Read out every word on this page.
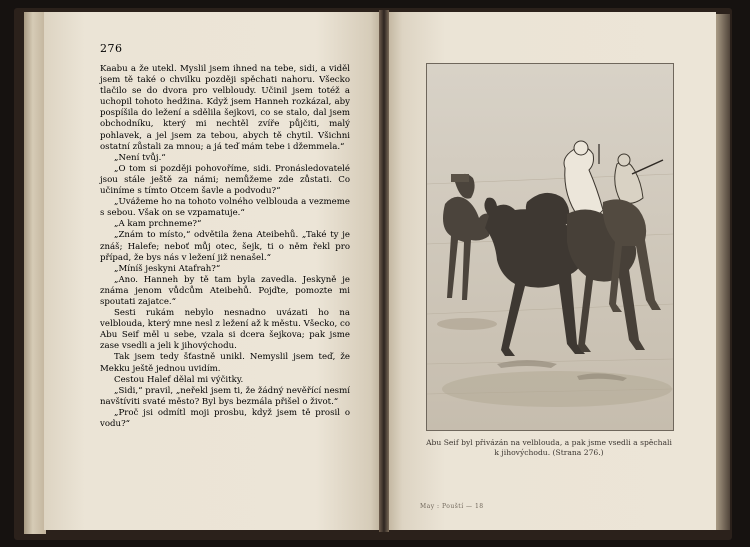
276

Kaabu a že utekl. Myslil jsem ihned na tebe, sidi, a viděl jsem tě také o chvilku později spěchati nahoru. Všecko tlačilo se do dvora pro velbloudy. Učinil jsem totéž a uchopil tohoto hedžina. Když jsem Hanneh rozkázal, aby pospíšila do ležení a sdělila šejkovi, co se stalo, dal jsem obchodníku, který mi nechtěl zvíře půjčiti, malý pohlavek, a jel jsem za tebou, abych tě chytil. Všichni ostatní zůstali za mnou; a já teď mám tebe i džemmela.“

„Není tvůj.“

„O tom si později pohovoříme, sidi. Pronásledovatelé jsou stále ještě za námi; nemůžeme zde zůstati. Co učiníme s tímto Otcem šavle a podvodu?“

„Uvážeme ho na tohoto volného velblouda a vezmeme s sebou. Však on se vzpamatuje.“

„A kam prchneme?“

„Znám to místo,“ odvětila žena Ateibehů. „Také ty je znáš; Halefe; neboť můj otec, šejk, ti o něm řekl pro případ, že bys nás v ležení již nenašel.“

„Míníš jeskyni Atafrah?“

„Ano. Hanneh by tě tam byla zavedla. Jeskyně je známa jenom vůdcům Ateibehů. Pojďte, pomozte mi spoutati zajatce.“

Sesti rukám nebylo nesnadno uvázati ho na velblouda, který mne nesl z ležení až k městu. Všecko, co Abu Seif měl u sebe, vzala si dcera šejkova; pak jsme zase vsedli a jeli k jihovýchodu.

Tak jsem tedy šťastně unikl. Nemyslil jsem teď, že Mekku ještě jednou uvidím.

Cestou Halef dělal mi výčitky.

„Sidi,“ pravil, „neřekl jsem ti, že žádný nevěřící nesmí navštíviti svaté město? Byl bys bezmála přišel o život.“

„Proč jsi odmítl moji prosbu, když jsem tě prosil o vodu?“

Abu Seif byl přivázán na velblouda, a pak jsme vsedli a spěchali
k jihovýchodu. (Strana 276.)
May : Pouští — 18
